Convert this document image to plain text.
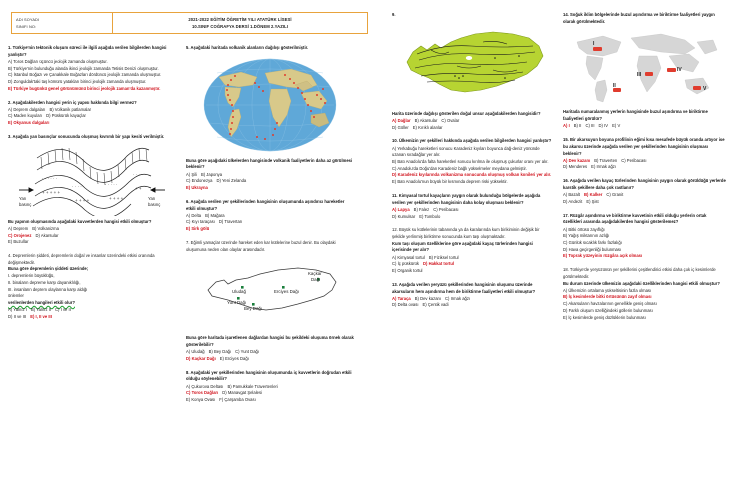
ADI SOYADI
SINIFI NO:
2021-2022 EĞİTİM ÖĞRETİM YILI ATATÜRK LİSESİ
10.SINIF COĞRAFYA DERSİ 1.DÖNEM 2.YAZILI
1. Türkiye'nin tektonik oluşum süreci ile ilgili aşağıda verilen bilgilerden hangisi yanlıştır?
A) Toros Dağları üçüncü jeolojik zamanda oluşmuştur.
B) Türkiye'nin bulunduğu alanda ikinci jeolojik zamanda Tetisis Denizi oluşmuştur.
C) İstanbul Boğazı ve Çanakkale Boğazları dördüncü jeolojik zamanda oluşmuştur.
D) Zonguldak'taki taş kömürü yatakları birinci jeolojik zamanda oluşmuştur.
E) Türkiye bugünkü genel görünümünü birinci jeolojik zaman'da kazanmıştır.
2. Aşağıdakilerden hangisi yerin iç yapısı hakkında bilgi vermez?
A) Deprem dalgaları B) Volkanik patlamalar
C) Maden kuyuları D) Püskürük kayaçlar
E) Okyanus dalgaları
3. Aşağıda yan basınçlar sonucunda oluşmuş kıvrımlı bir yapı kesiti verilmiştir.
· · · · · ·
· · · ·	· · · · ·
· · · ·
+ + + + +
+ + + +	+ + + +
+ +
Yan
basınç
Yan
basınç
Bu yapının oluşmasında aşağıdaki kuvvetlerden hangisi etkili olmuştur?
A) Deprem B) Volkanizma
C) Orojenez D) Akarsular
E) Buzullar
4. Depremlerin şiddeti, depremlerin doğal ve insanlar üzerindeki etkisi oranında değişmektedir.
Buna göre depremlerin şiddeti üzerinde;
I. depremlerin büyüklüğü,
II. binaların depreme karşı dayanıklılığı,
III. insanların deprem olaylarına karşı aldığı
önlemler
verilenlerden hangileri etkili olur?
A) Yalnız I B) Yalnız II C) I ve II
D) II ve III E) I, II ve III
5. Aşağıdaki haritada volkanik alanların dağılışı gösterilmiştir.
Buna göre aşağıdaki ülkelerden hangisinde volkanik faaliyetlerin daha az görülmesi beklenir?
A) Şili B) Japonya
C) Endonezya D) Yeni Zelanda
E) Ukrayna
6. Aşağıda verilen yer şekillerinden hangisinin oluşumunda aşındırıcı hareketler etkili olmuştur?
A) Delta B) Mağara
C) Kıyı taraçası D) Travertan
E) Sirk gölü
7. Eğimli yamaçlar üzerinde hareket eden kar kütlelerine buzul denir. Bu olaydaki oluşumuna neden olan olaylar arasındadır.
Uludağ	Erciyes Dağı
Yunt Dağı
Bey Dağı
Kaçkar
Dağı
Buna göre haritada işaretlenen dağlardan hangisi bu şekildeki oluşuma örnek olarak gösterilebilir?
A) Uludağ B) Bey Dağı C) Yunt Dağı
D) Kaçkar Dağı E) Erciyes Dağı
8. Aşağıdaki yer şekillerinden hangisinin oluşumunda iç kuvvetlerin doğrudan etkili olduğu söylenebilir?
A) Çukurova Deltası B) Pamukkale Travertenleri
C) Toros Dağları D) Manavgat Şelalesi
E) Konya Ovası F) Çarşamba Ovası
9.
Harita üzerinde dağılışı gösterilen doğal unsur aşağıdakilerden hangisidir?
A) Dağlar B) Akarsular C) Ovalar
D) Göller E) Kırıklı alanlar
10. Ülkemizin yer şekilleri hakkında aşağıda verilen bilgilerden hangisi yanlıştır?
A) Yerkabuğu hareketleri sonucu Karadeniz kıyıları boyunca dağ-deniz yönünde uzanan sıradağlar yer alır.
B) Batı Anadolu'da falta hareketleri sonucu kırılma ile oluşmuş çukurlar oranı yer alır.
C) Anadolu'da Doğu'dan Karadeniz bağlı yükselmeler meydana gelmiştir.
D) Karadeniz kıyılarında volkanizma sonucunda oluşmuş volkan konileri yer alır.
E) Batı Anadolu'nun büyük bir kısmında deprem riski yüksektir.
11. Kimyasal tortul kayaçların yaygın olarak bulunduğu bölgelerde aşağıda verilen yer şekillerinden hangisinin daha kolay oluşması beklenir?
A) Lapya B) Falez C) Peribacası
D) Kumulsar E) Tombolo
12. Büyük su kütlelerinin tabanında ya da karalarında kum birikiminin değişik bir şekilde yerlinmiş biriktirme sonucunda kum taşı oluşmaktadır.
Kum taşı oluşum özelliklerine göre aşağıdaki kayaç türlerinden hangisi içerisinde yer alır?
A) Kimyasal tortul B) Fiziksel tortul
C) İç püskürük D) Hakkat tortul
E) Organik tortul
13. Aşağıda verilen yeryüzü şekillerinden hangisinin oluşumu üzerinde akarsuların hem aşındırma hem de biriktirme faaliyetleri etkili olmuştur?
A) Taraça B) Dev kazanı C) Irmak ağzı
D) Delta ovası E) Çentik vadi
14. Soğuk iklim bölgelerinde buzul aşındırma ve biriktirme faaliyetleri yaygın olarak görülmektedir.
I
II
III
IV
V
Haritada numaralanmış yerlerin hangisinde buzul aşındırma ve biriktirme faaliyetleri görülür?
A) I B) II C) III D) IV E) V
15. Bir akarsuyun boyuna profilinin eğimi kısa mesafede büyük oranda artıyor ise bu akarsu üzerinde aşağıda verilen yer şekillerinden hangisinin oluşması beklenir?
A) Dev kazanı B) Traverten C) Peribacası
D) Menderes E) Irmak ağzı
16. Aşağıda verilen kayaç türlerinden hangisinin yaygın olarak görüldüğü yerlerde karstik şekillere daha çok rastlanır?
A) Bazalt B) Kalker C) Granit
D) Andezit E) Şist
17. Rüzgâr aşındırma ve biriktirme kuvvetinin etkili olduğu yerlerin ortak özellikleri arasında aşağıdakilerden hangisi gösterilemez?
A) Bitki örtüsü zayıflığı
B) Yağış miktarının azlığı
C) Günlük sıcaklık farkı fazlalığı
D) Hava geçirgenliği bulunması
E) Toprak yüzeyinin rüzgâra açık olması
18. Türkiye'de yeryüzünün yer şekillerini çeşitlendirici etkisi daha çok iç kesimlerde görülmektedir.
Bu durum üzerinde ülkemizin aşağıdaki özelliklerinden hangisi etkili olmuştur?
A) Ülkemizin ortalama yükseltisinin fazla olması
B) İç kesimlerde bitki örtüsünün zayıf olması
C) Akarsuların havzalarının genellikle geniş olması
D) Farklı oluşum özelliğindeki göllerin bulunması
E) İç kesimlerde geniş düzlüklerin bulunması
